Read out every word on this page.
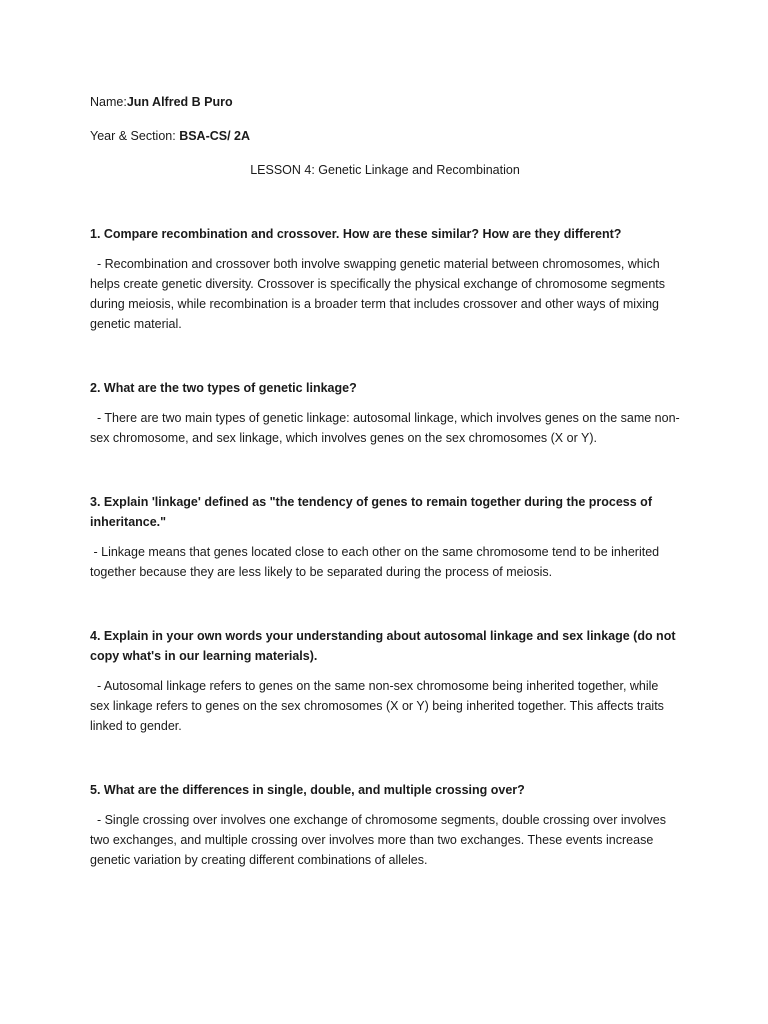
Name:Jun Alfred B Puro

Year & Section: BSA-CS/ 2A

LESSON 4: Genetic Linkage and Recombination

1. Compare recombination and crossover. How are these similar? How are they different?

- Recombination and crossover both involve swapping genetic material between chromosomes, which helps create genetic diversity. Crossover is specifically the physical exchange of chromosome segments during meiosis, while recombination is a broader term that includes crossover and other ways of mixing genetic material.

2. What are the two types of genetic linkage?

- There are two main types of genetic linkage: autosomal linkage, which involves genes on the same non-sex chromosome, and sex linkage, which involves genes on the sex chromosomes (X or Y).

3. Explain 'linkage' defined as "the tendency of genes to remain together during the process of inheritance."

- Linkage means that genes located close to each other on the same chromosome tend to be inherited together because they are less likely to be separated during the process of meiosis.

4. Explain in your own words your understanding about autosomal linkage and sex linkage (do not copy what's in our learning materials).

- Autosomal linkage refers to genes on the same non-sex chromosome being inherited together, while sex linkage refers to genes on the sex chromosomes (X or Y) being inherited together. This affects traits linked to gender.

5. What are the differences in single, double, and multiple crossing over?

- Single crossing over involves one exchange of chromosome segments, double crossing over involves two exchanges, and multiple crossing over involves more than two exchanges. These events increase genetic variation by creating different combinations of alleles.
